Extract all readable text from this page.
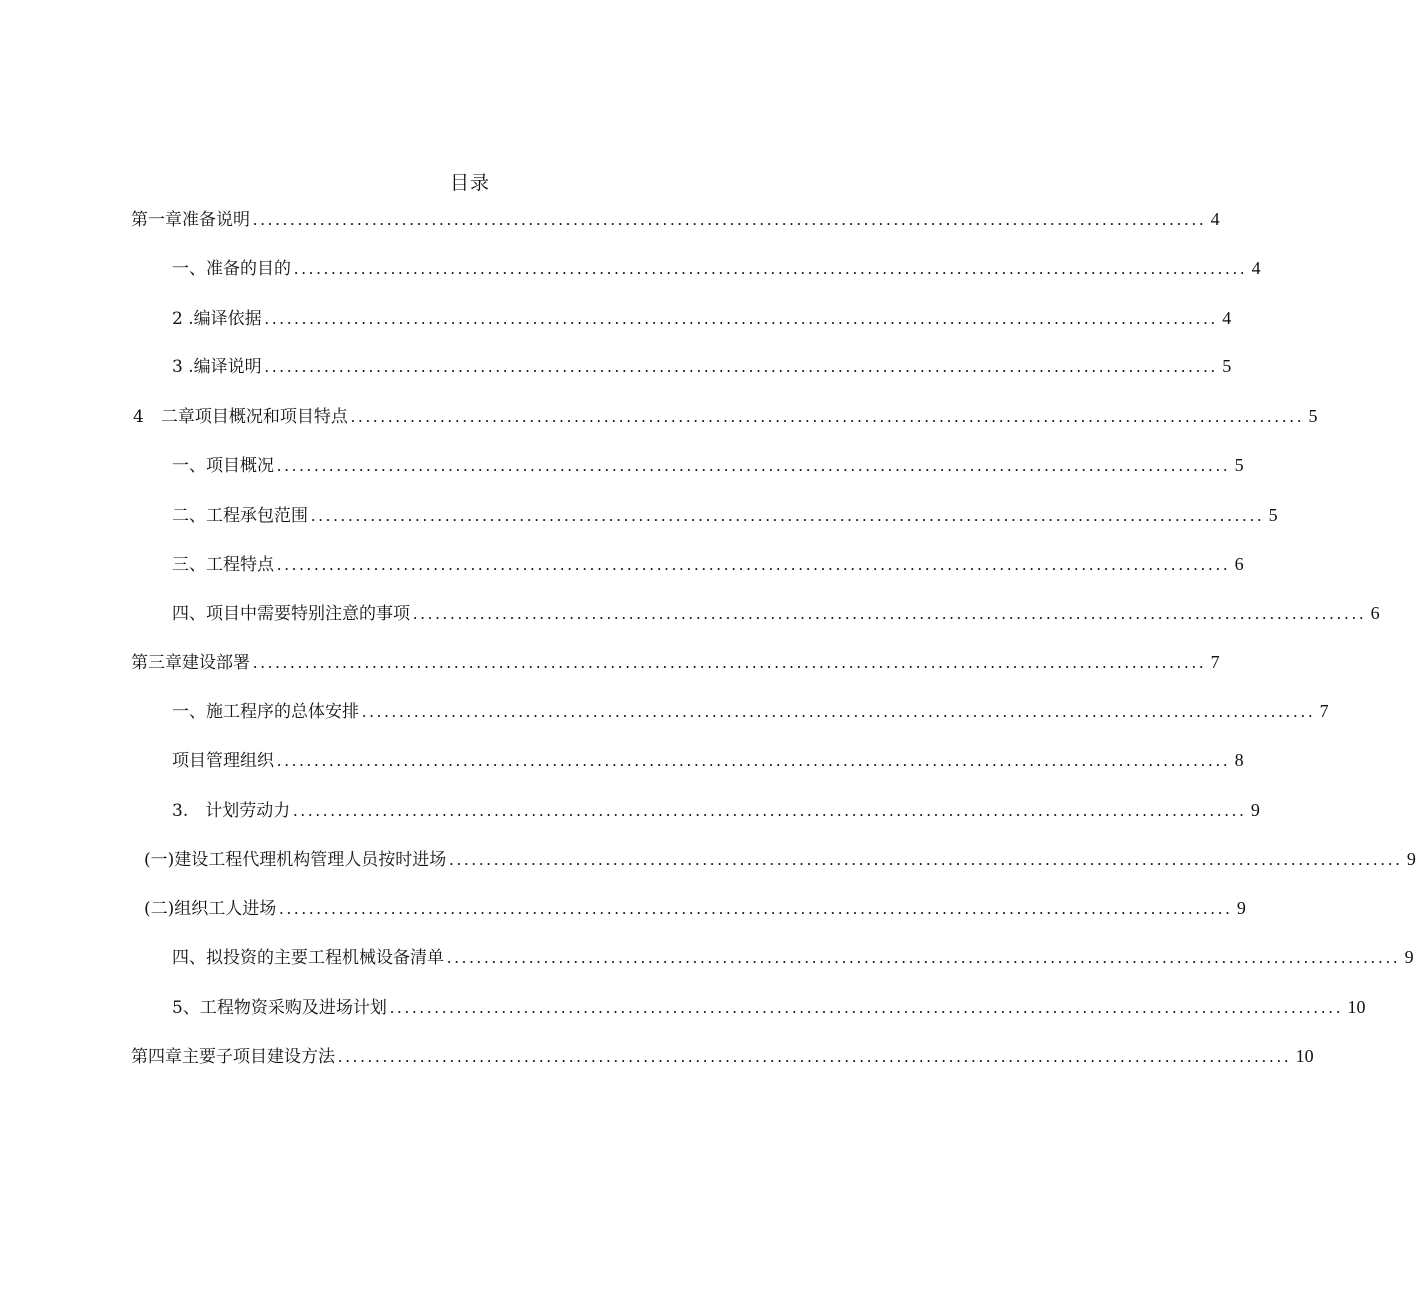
目录
第一章准备说明 ................................................................................................................................ 4
一、准备的目的 ................................................................................................................................ 4
2 .编译依据 ................................................................................................................................ 4
3 .编译说明 ................................................................................................................................ 5
4　二章项目概况和项目特点 ................................................................................................................................ 5
一、项目概况 ................................................................................................................................ 5
二、工程承包范围 ................................................................................................................................ 5
三、工程特点 ................................................................................................................................ 6
四、项目中需要特别注意的事项 ................................................................................................................................ 6
第三章建设部署 ................................................................................................................................ 7
一、施工程序的总体安排 ................................................................................................................................ 7
项目管理组织 ................................................................................................................................ 8
3.　计划劳动力 ................................................................................................................................ 9
(一)建设工程代理机构管理人员按时进场 ................................................................................................................................ 9
(二)组织工人进场 ................................................................................................................................ 9
四、拟投资的主要工程机械设备清单 ................................................................................................................................ 9
5、工程物资采购及进场计划 ................................................................................................................................ 10
第四章主要子项目建设方法 ................................................................................................................................ 10
